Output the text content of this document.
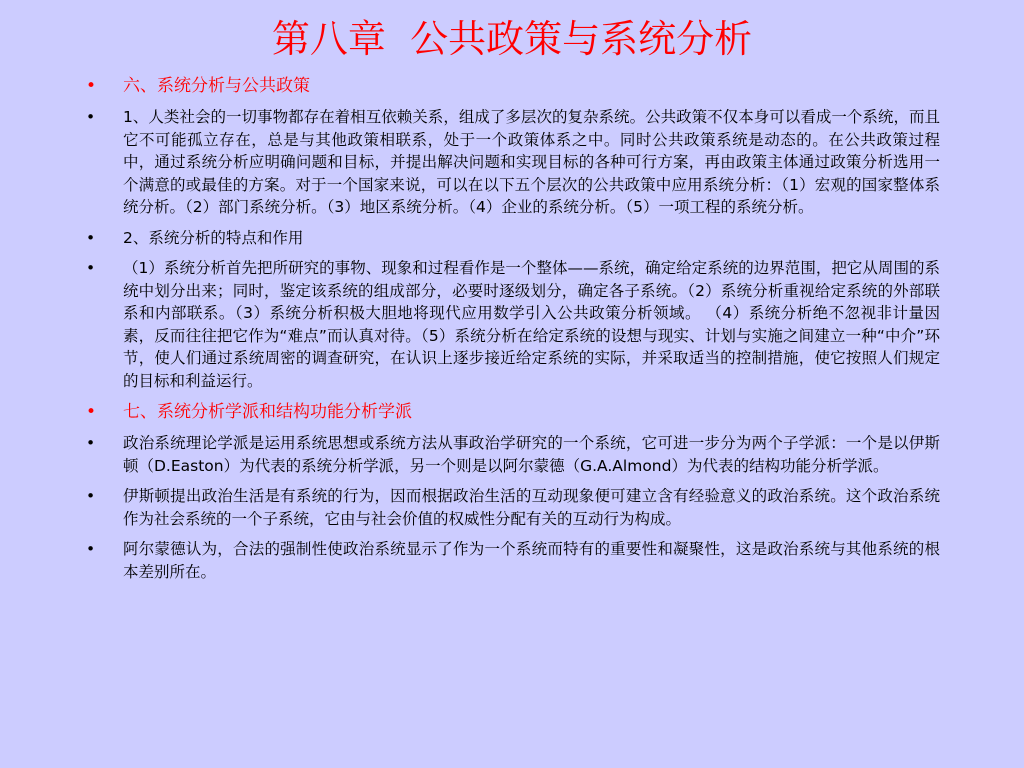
第八章  公共政策与系统分析
•	六、系统分析与公共政策
•	1、人类社会的一切事物都存在着相互依赖关系，组成了多层次的复杂系统。公共政策不仅本身可以看成一个系统，而且它不可能孤立存在，总是与其他政策相联系，处于一个政策体系之中。同时公共政策系统是动态的。在公共政策过程中，通过系统分析应明确问题和目标，并提出解决问题和实现目标的各种可行方案，再由政策主体通过政策分析选用一个满意的或最佳的方案。对于一个国家来说，可以在以下五个层次的公共政策中应用系统分析：（1）宏观的国家整体系统分析。（2）部门系统分析。（3）地区系统分析。（4）企业的系统分析。（5）一项工程的系统分析。
•	2、系统分析的特点和作用
•	（1）系统分析首先把所研究的事物、现象和过程看作是一个整体——系统，确定给定系统的边界范围，把它从周围的系统中划分出来；同时，鉴定该系统的组成部分，必要时逐级划分，确定各子系统。（2）系统分析重视给定系统的外部联系和内部联系。（3）系统分析积极大胆地将现代应用数学引入公共政策分析领域。 （4）系统分析绝不忽视非计量因素，反而往往把它作为“难点”而认真对待。（5）系统分析在给定系统的设想与现实、计划与实施之间建立一种“中介”环节，使人们通过系统周密的调查研究，在认识上逐步接近给定系统的实际，并采取适当的控制措施，使它按照人们规定的目标和利益运行。
•	七、系统分析学派和结构功能分析学派
•	政治系统理论学派是运用系统思想或系统方法从事政治学研究的一个系统，它可进一步分为两个子学派：一个是以伊斯顿（D.Easton）为代表的系统分析学派，另一个则是以阿尔蒙德（G.A.Almond）为代表的结构功能分析学派。
•	伊斯顿提出政治生活是有系统的行为，因而根据政治生活的互动现象便可建立含有经验意义的政治系统。这个政治系统作为社会系统的一个子系统，它由与社会价值的权威性分配有关的互动行为构成。
•	阿尔蒙德认为，合法的强制性使政治系统显示了作为一个系统而特有的重要性和凝聚性，这是政治系统与其他系统的根本差别所在。
